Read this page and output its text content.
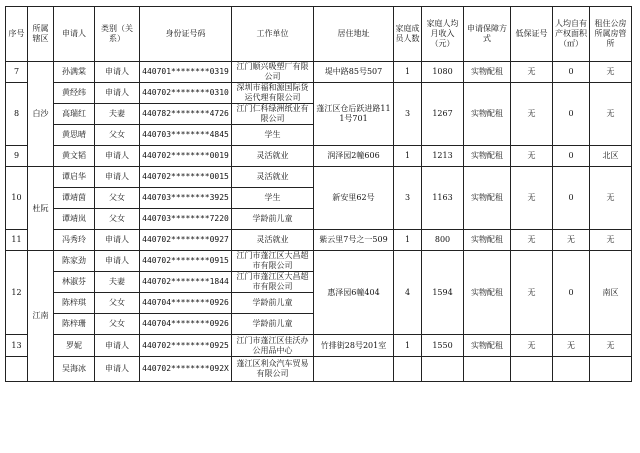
序号	所属辖区	申请人	类别（关系）	身份证号码	工作单位	居住地址	家庭成员人数	家庭人均月收入（元）	申请保障方式	低保证号	人均自有产权面积（㎡）	租住公房所属房管所
7	白沙	孙满棠	申请人	440701********0319	江门顺兴吸塑厂有限公司	堤中路85号507	1	1080	实物配租	无	0	无
8		黄经纬	申请人	440702********0310	深圳市福和源国际货运代理有限公司	蓬江区仓后跃进路111号701	3	1267	实物配租	无	0	无
		高瑞红	夫妻	440782********4726	江门仁科绿洲纸业有限公司							
		黄思晴	父女	440703********4845	学生							
9		黄文韬	申请人	440702********0019	灵活就业	润泽园2幢606	1	1213	实物配租	无	0	北区
10	杜阮	谭启华	申请人	440702********0015	灵活就业	新安里62号	3	1163	实物配租	无	0	无
		谭靖茵	父女	440703********3925	学生							
		谭靖岚	父女	440703********7220	学龄前儿童							
11		冯秀玲	申请人	440702********0927	灵活就业	紫云里7号之一509	1	800	实物配租	无	无	无
12	江南	陈家劲	申请人	440702********0915	江门市蓬江区大昌超市有限公司	惠泽园6幢404	4	1594	实物配租	无	0	南区
		林淑芬	夫妻	440702********1844	江门市蓬江区大昌超市有限公司							
		陈梓琪	父女	440704********0926	学龄前儿童							
		陈梓珊	父女	440704********0926	学龄前儿童							
13		罗妮	申请人	440702********0925	江门市蓬江区佳沃办公用品中心	竹排街28号201室	1	1550	实物配租	无	无	无
		吴海冰	申请人	440702********092X	蓬江区利众汽车贸易有限公司							
